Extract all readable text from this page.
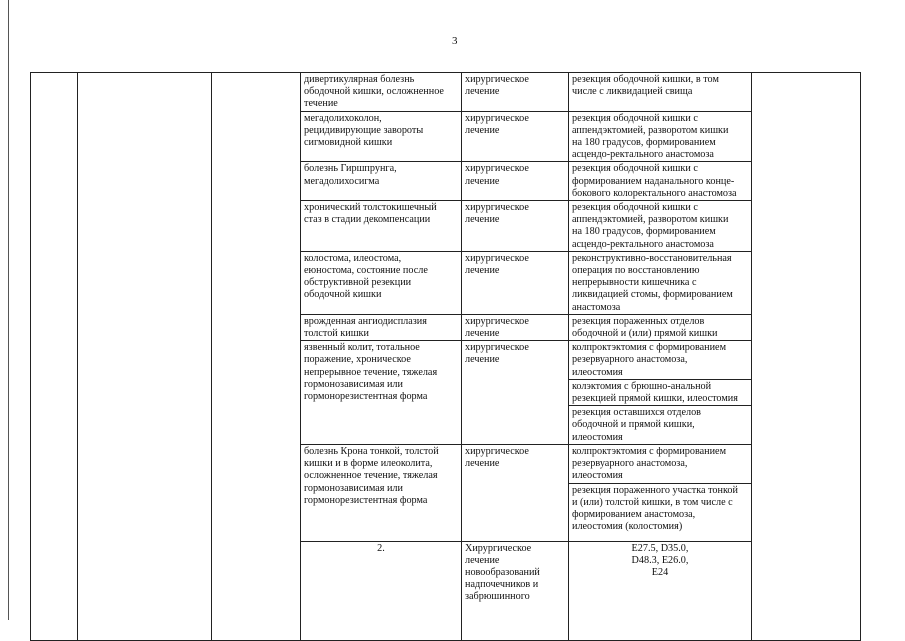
3
			дивертикулярная болезнь
ободочной кишки, осложненное
течение	хирургическое
лечение	резекция ободочной кишки, в том
числе с ликвидацией свища		
			мегадолихоколон,
рецидивирующие завороты
сигмовидной кишки	хирургическое
лечение	резекция ободочной кишки с
аппендэктомией, разворотом кишки
на 180 градусов, формированием
асцендо-ректального анастомоза		
			болезнь Гиршпрунга,
мегадолихосигма	хирургическое
лечение	резекция ободочной кишки с
формированием наданального конце-
бокового колоректального анастомоза		
			хронический толстокишечный
стаз в стадии декомпенсации	хирургическое
лечение	резекция ободочной кишки с
аппендэктомией, разворотом кишки
на 180 градусов, формированием
асцендо-ректального анастомоза		
			колостома, илеостома,
еюностома, состояние после
обструктивной резекции
ободочной кишки	хирургическое
лечение	реконструктивно-восстановительная
операция по восстановлению
непрерывности кишечника с
ликвидацией стомы, формированием
анастомоза		
			врожденная ангиодисплазия
толстой кишки	хирургическое
лечение	резекция пораженных отделов
ободочной и (или) прямой кишки		
			язвенный колит, тотальное
поражение, хроническое
непрерывное течение, тяжелая
гормонозависимая или
гормонорезистентная форма	хирургическое
лечение	колпроктэктомия с формированием
резервуарного анастомоза,
илеостомия		
					колэктомия с брюшно-анальной
резекцией прямой кишки, илеостомия		
					резекция оставшихся отделов
ободочной и прямой кишки,
илеостомия		
			болезнь Крона тонкой, толстой
кишки и в форме илеоколита,
осложненное течение, тяжелая
гормонозависимая или
гормонорезистентная форма	хирургическое
лечение	колпроктэктомия с формированием
резервуарного анастомоза,
илеостомия		
					резекция пораженного участка тонкой
и (или) толстой кишки, в том числе с
формированием анастомоза,
илеостомия (колостомия)		
			2.	Хирургическое лечение
новообразований
надпочечников и
забрюшинного	E27.5, D35.0,
D48.3, E26.0,
E24				
